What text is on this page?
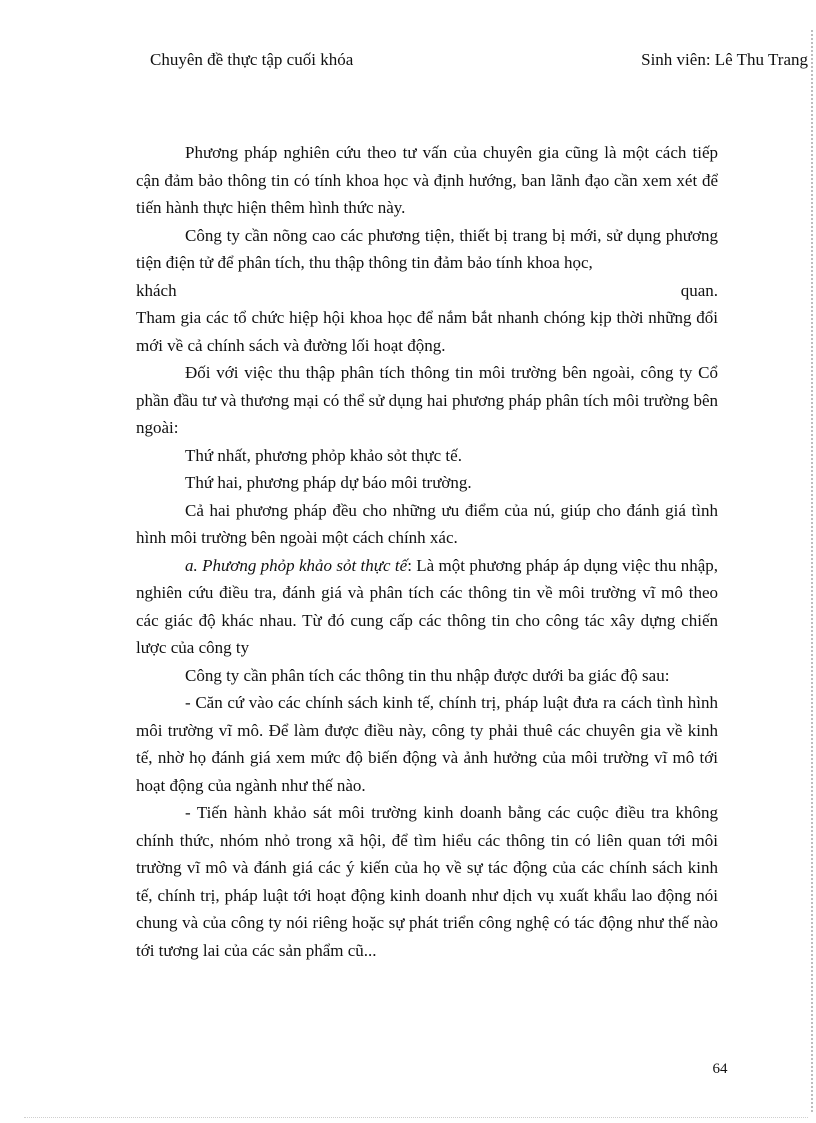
Chuyên đề thực tập cuối khóa	Sinh viên: Lê Thu Trang

Phương pháp nghiên cứu theo tư vấn của chuyên gia cũng là một cách tiếp cận đảm bảo thông tin có tính khoa học và định hướng, ban lãnh đạo cần xem xét để tiến hành thực hiện thêm hình thức này.

Công ty cần nõng cao các phương tiện, thiết bị trang bị mới, sử dụng phương tiện điện tử để phân tích, thu thập thông tin đảm bảo tính khoa học,

khách	quan.

Tham gia các tổ chức hiệp hội khoa học để nắm bắt nhanh chóng kịp thời những đổi mới về cả chính sách và đường lối hoạt động.

Đối với việc thu thập phân tích thông tin môi trường bên ngoài, công ty Cổ phần đầu tư và thương mại có thể sử dụng hai phương pháp phân tích môi trường bên ngoài:

Thứ nhất, phương phỏp khảo sỏt thực tế.

Thứ hai, phương pháp dự báo môi trường.

Cả hai phương pháp đều cho những ưu điểm của nú, giúp cho đánh giá tình hình môi trường bên ngoài một cách chính xác.

a. Phương phỏp khảo sỏt thực tế: Là một phương pháp áp dụng việc thu nhập, nghiên cứu điều tra, đánh giá và phân tích các thông tin về môi trường vĩ mô theo các giác độ khác nhau. Từ đó cung cấp các thông tin cho công tác xây dựng chiến lược của công ty

Công ty cần phân tích các thông tin thu nhập được dưới ba giác độ sau:

- Căn cứ vào các chính sách kinh tế, chính trị, pháp luật đưa ra cách tình hình môi trường vĩ mô. Để làm được điều này, công ty phải thuê các chuyên gia về kinh tế, nhờ họ đánh giá xem mức độ biến động và ảnh hưởng của môi trường vĩ mô tới hoạt động của ngành như thế nào.

- Tiến hành khảo sát môi trường kinh doanh bằng các cuộc điều tra không chính thức, nhóm nhỏ trong xã hội, để tìm hiểu các thông tin có liên quan tới môi trường vĩ mô và đánh giá các ý kiến của họ về sự tác động của các chính sách kinh tế, chính trị, pháp luật tới hoạt động kinh doanh như dịch vụ xuất khẩu lao động nói chung và của công ty nói riêng hoặc sự phát triển công nghệ có tác động như thế nào tới tương lai của các sản phẩm cũ...

64
